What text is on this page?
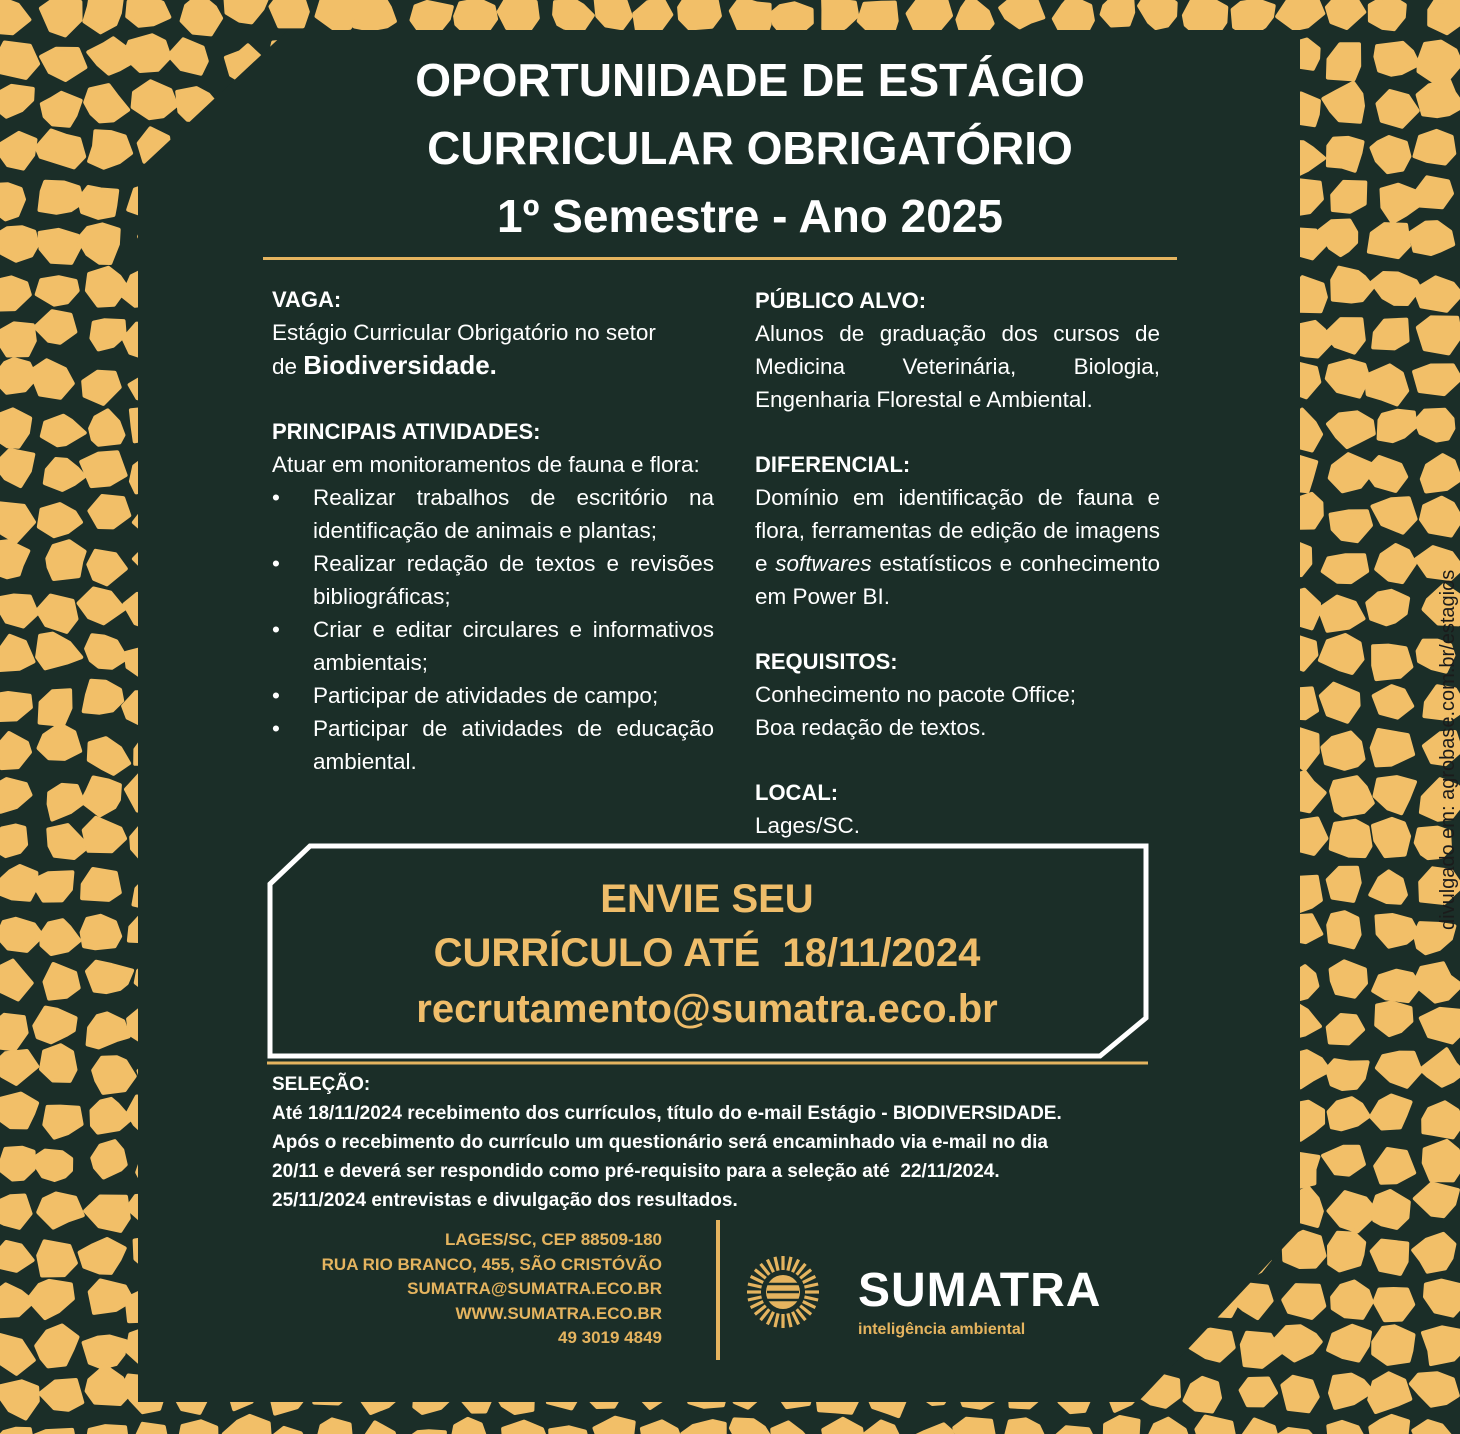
OPORTUNIDADE DE ESTÁGIO
CURRICULAR OBRIGATÓRIO
1º Semestre - Ano 2025
VAGA:

Estágio Curricular Obrigatório no setor

de Biodiversidade.

PRINCIPAIS ATIVIDADES:

Atuar em monitoramentos de fauna e flora:

• Realizar trabalhos de escritório na identificação de animais e plantas;
• Realizar redação de textos e revisões bibliográficas;
• Criar e editar circulares e informativos ambientais;
• Participar de atividades de campo;
• Participar de atividades de educação ambiental.
PÚBLICO ALVO:

Alunos de graduação dos cursos de Medicina Veterinária, Biologia, Engenharia Florestal e Ambiental.

DIFERENCIAL:

Domínio em identificação de fauna e flora, ferramentas de edição de imagens e softwares estatísticos e conhecimento em Power BI.

REQUISITOS:

Conhecimento no pacote Office;

Boa redação de textos.

LOCAL:

Lages/SC.

ENVIE SEU
CURRÍCULO ATÉ  18/11/2024
recrutamento@sumatra.eco.br
SELEÇÃO:
Até 18/11/2024 recebimento dos currículos, título do e-mail Estágio - BIODIVERSIDADE.
Após o recebimento do currículo um questionário será encaminhado via e-mail no dia
20/11 e deverá ser respondido como pré-requisito para a seleção até  22/11/2024.
25/11/2024 entrevistas e divulgação dos resultados.
LAGES/SC, CEP 88509-180
RUA RIO BRANCO, 455, SÃO CRISTÓVÃO
SUMATRA@SUMATRA.ECO.BR
WWW.SUMATRA.ECO.BR
49 3019 4849
SUMATRA
inteligência ambiental
divulgado em: agrobase.com.br/estagios
